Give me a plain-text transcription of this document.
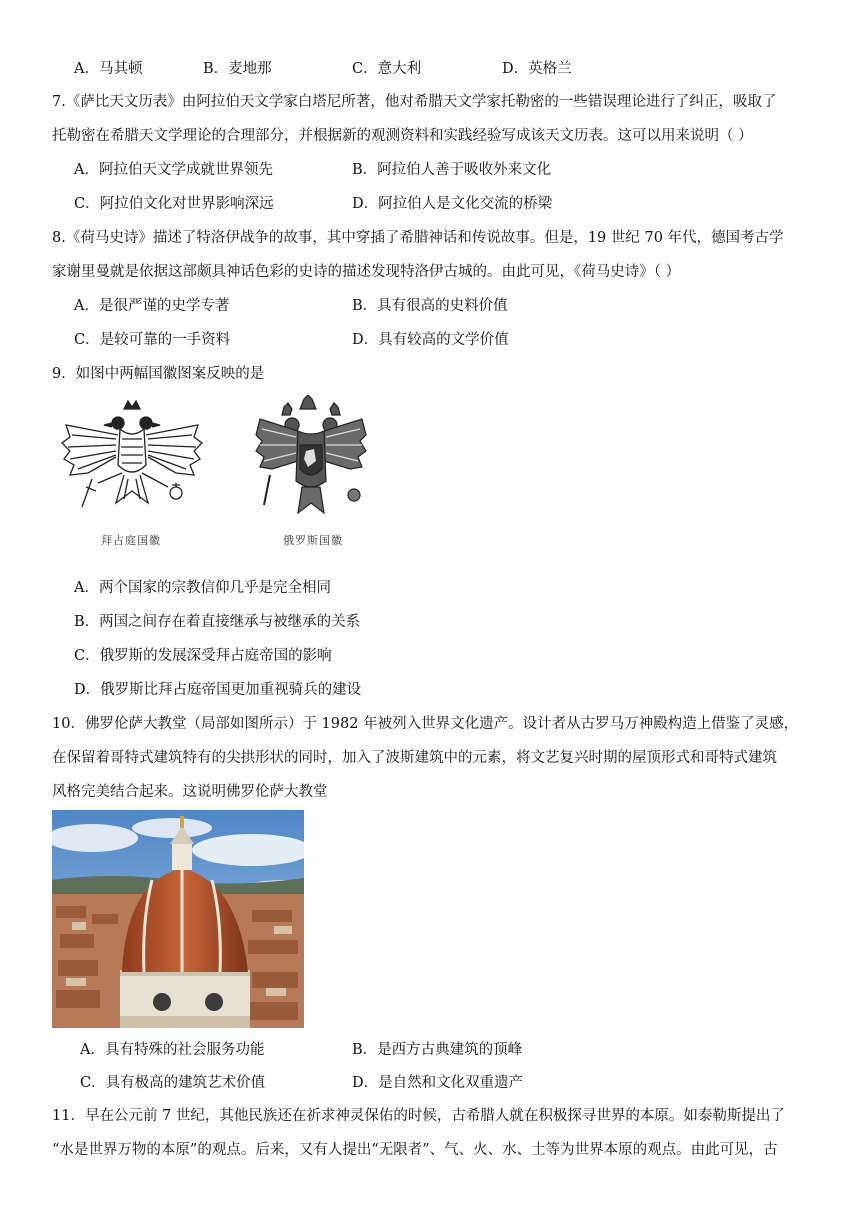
A．马其顿	B．麦地那	C．意大利	D．英格兰
7.《萨比天文历表》由阿拉伯天文学家白塔尼所著，他对希腊天文学家托勒密的一些错误理论进行了纠正，吸取了
托勒密在希腊天文学理论的合理部分，并根据新的观测资料和实践经验写成该天文历表。这可以用来说明（ ）
A．阿拉伯天文学成就世界领先	B．阿拉伯人善于吸收外来文化
C．阿拉伯文化对世界影响深远	D．阿拉伯人是文化交流的桥梁
8.《荷马史诗》描述了特洛伊战争的故事，其中穿插了希腊神话和传说故事。但是，19 世纪 70 年代，德国考古学
家谢里曼就是依据这部颇具神话色彩的史诗的描述发现特洛伊古城的。由此可见，《荷马史诗》（ ）
A．是很严谨的史学专著	B．具有很高的史料价值
C．是较可靠的一手资料	D．具有较高的文学价值
9．如图中两幅国徽图案反映的是
拜占庭国徽	俄罗斯国徽
A．两个国家的宗教信仰几乎是完全相同
B．两国之间存在着直接继承与被继承的关系
C．俄罗斯的发展深受拜占庭帝国的影响
D．俄罗斯比拜占庭帝国更加重视骑兵的建设
10．佛罗伦萨大教堂（局部如图所示）于 1982 年被列入世界文化遗产。设计者从古罗马万神殿构造上借鉴了灵感，
在保留着哥特式建筑特有的尖拱形状的同时，加入了波斯建筑中的元素，将文艺复兴时期的屋顶形式和哥特式建筑
风格完美结合起来。这说明佛罗伦萨大教堂
A．具有特殊的社会服务功能	B．是西方古典建筑的顶峰
C．具有极高的建筑艺术价值	D．是自然和文化双重遗产
11．早在公元前 7 世纪，其他民族还在祈求神灵保佑的时候，古希腊人就在积极探寻世界的本原。如泰勒斯提出了
“水是世界万物的本原”的观点。后来，又有人提出“无限者”、气、火、水、土等为世界本原的观点。由此可见，古
